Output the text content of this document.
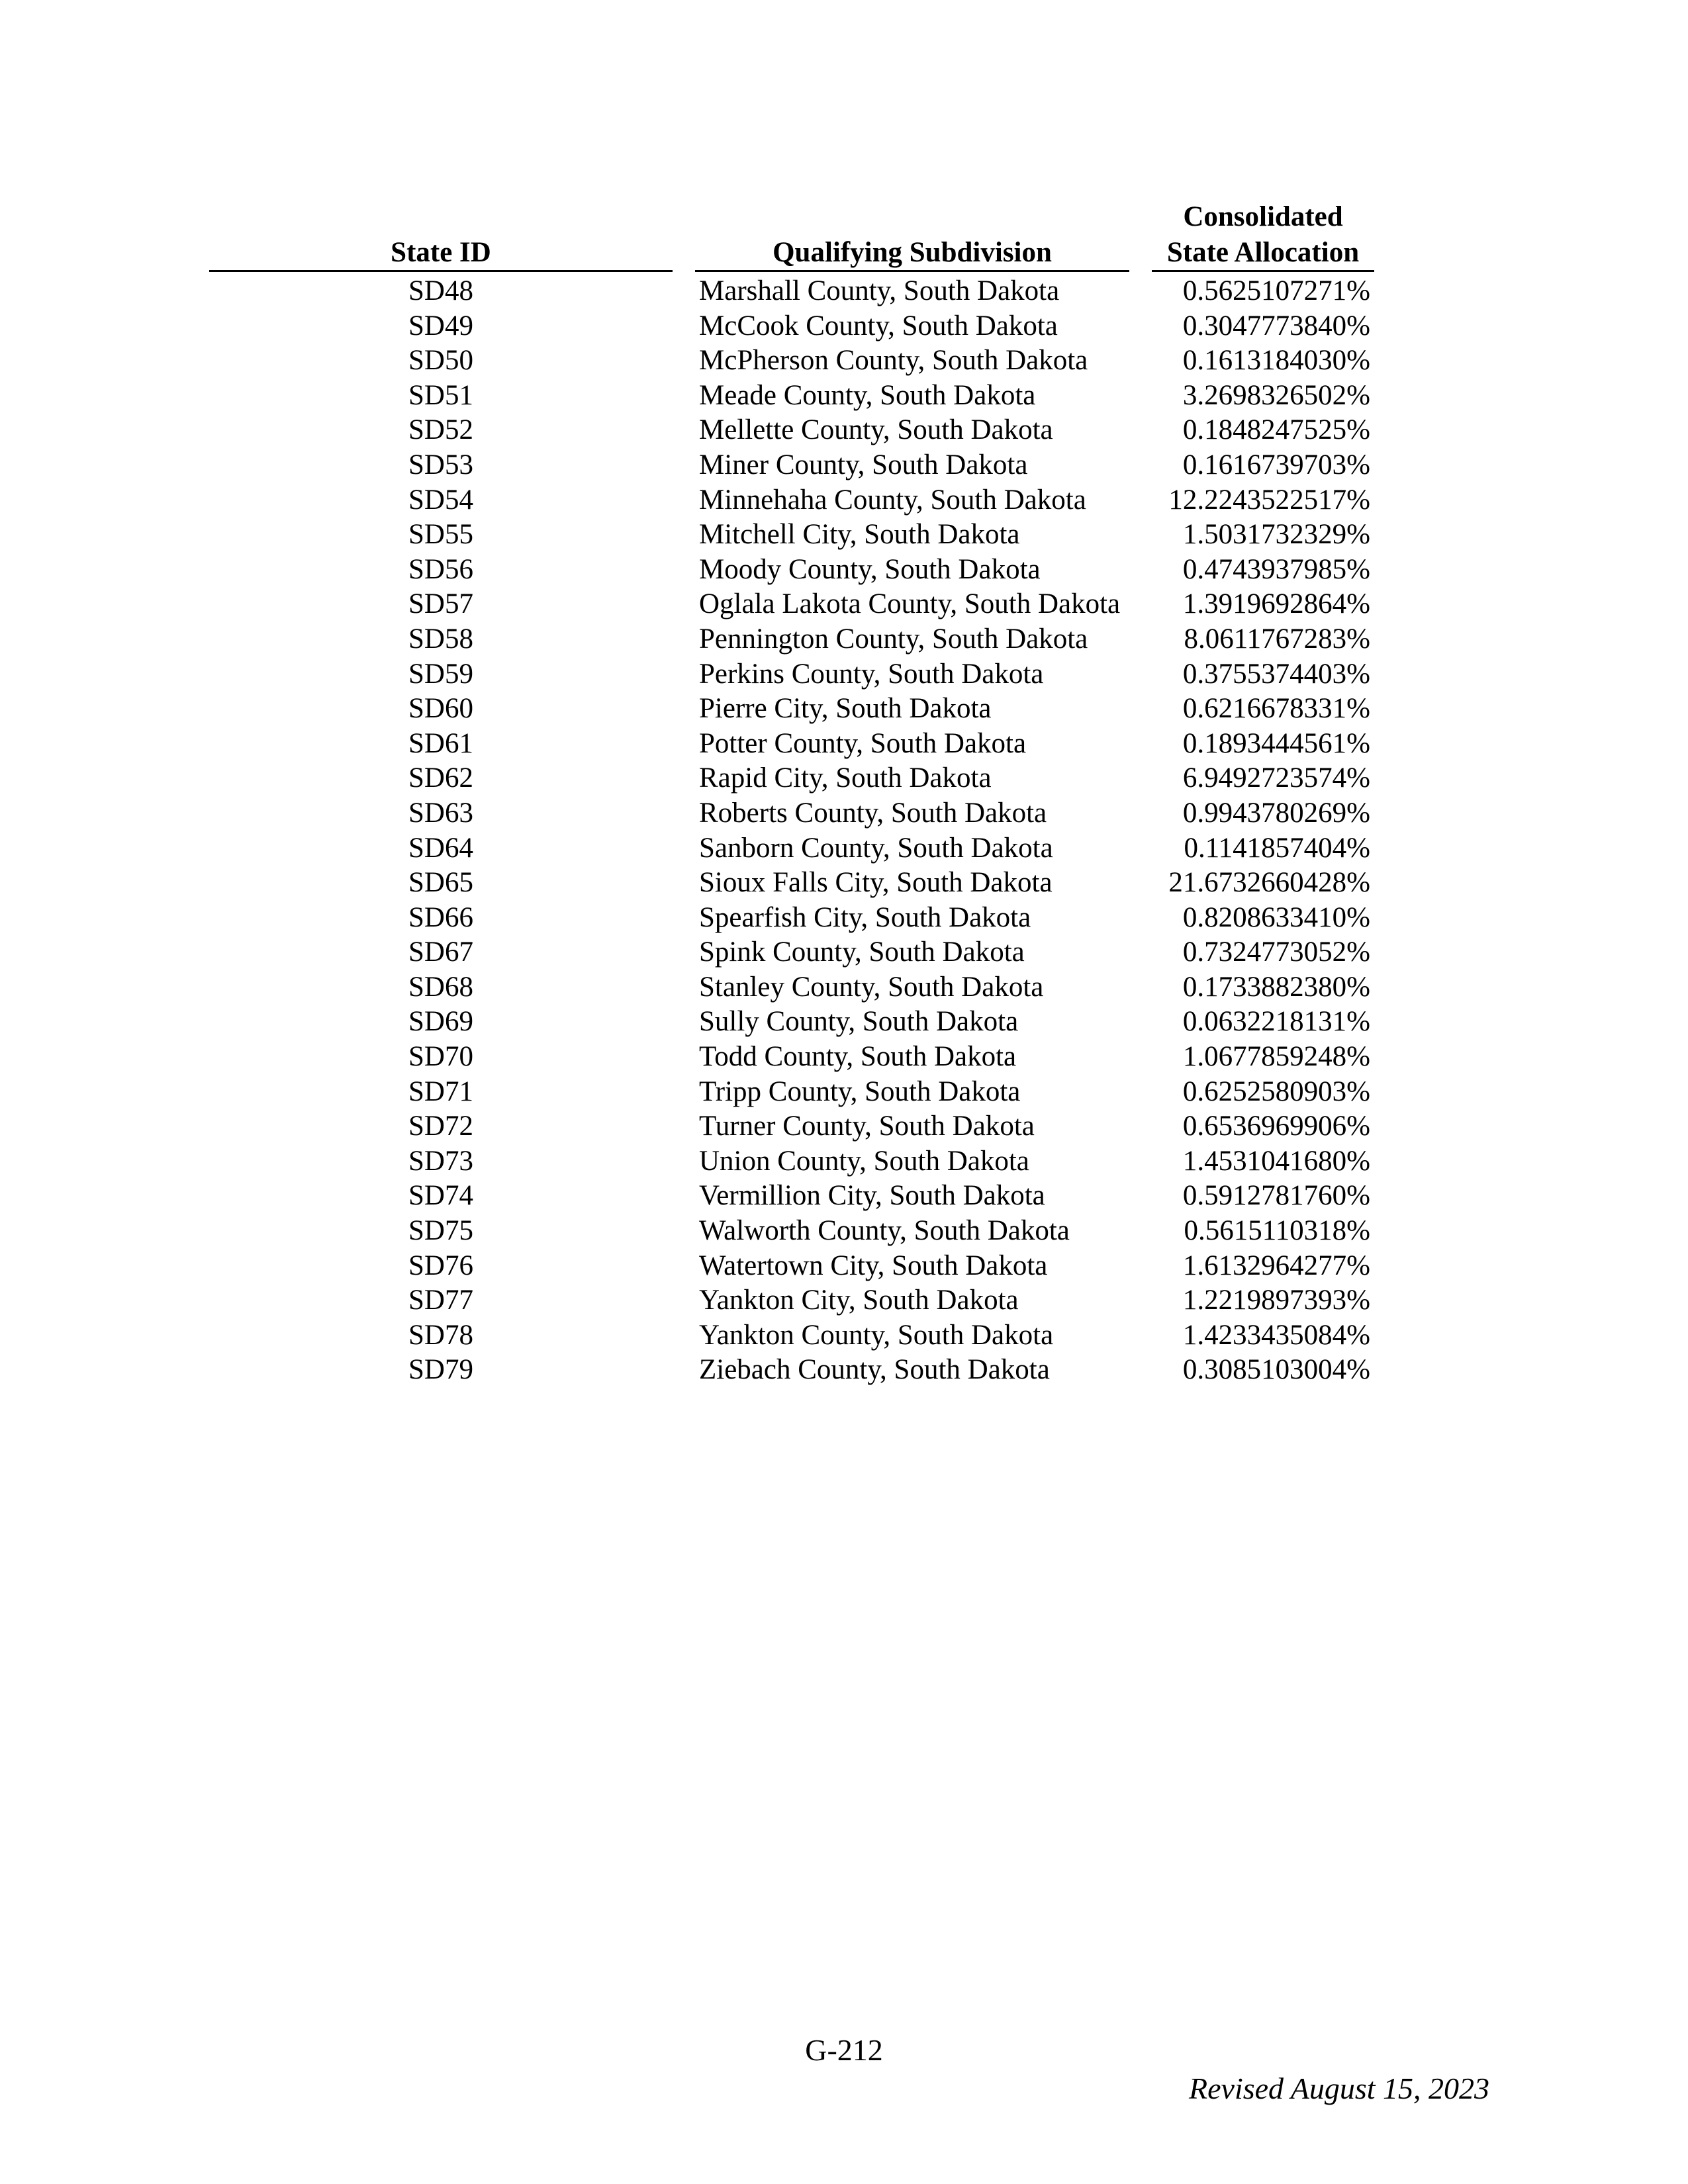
Consolidated
State ID	Qualifying Subdivision	State Allocation
SD48	Marshall County, South Dakota	0.5625107271%
SD49	McCook County, South Dakota	0.3047773840%
SD50	McPherson County, South Dakota	0.1613184030%
SD51	Meade County, South Dakota	3.2698326502%
SD52	Mellette County, South Dakota	0.1848247525%
SD53	Miner County, South Dakota	0.1616739703%
SD54	Minnehaha County, South Dakota	12.2243522517%
SD55	Mitchell City, South Dakota	1.5031732329%
SD56	Moody County, South Dakota	0.4743937985%
SD57	Oglala Lakota County, South Dakota	1.3919692864%
SD58	Pennington County, South Dakota	8.0611767283%
SD59	Perkins County, South Dakota	0.3755374403%
SD60	Pierre City, South Dakota	0.6216678331%
SD61	Potter County, South Dakota	0.1893444561%
SD62	Rapid City, South Dakota	6.9492723574%
SD63	Roberts County, South Dakota	0.9943780269%
SD64	Sanborn County, South Dakota	0.1141857404%
SD65	Sioux Falls City, South Dakota	21.6732660428%
SD66	Spearfish City, South Dakota	0.8208633410%
SD67	Spink County, South Dakota	0.7324773052%
SD68	Stanley County, South Dakota	0.1733882380%
SD69	Sully County, South Dakota	0.0632218131%
SD70	Todd County, South Dakota	1.0677859248%
SD71	Tripp County, South Dakota	0.6252580903%
SD72	Turner County, South Dakota	0.6536969906%
SD73	Union County, South Dakota	1.4531041680%
SD74	Vermillion City, South Dakota	0.5912781760%
SD75	Walworth County, South Dakota	0.5615110318%
SD76	Watertown City, South Dakota	1.6132964277%
SD77	Yankton City, South Dakota	1.2219897393%
SD78	Yankton County, South Dakota	1.4233435084%
SD79	Ziebach County, South Dakota	0.3085103004%
G-212
Revised August 15, 2023
